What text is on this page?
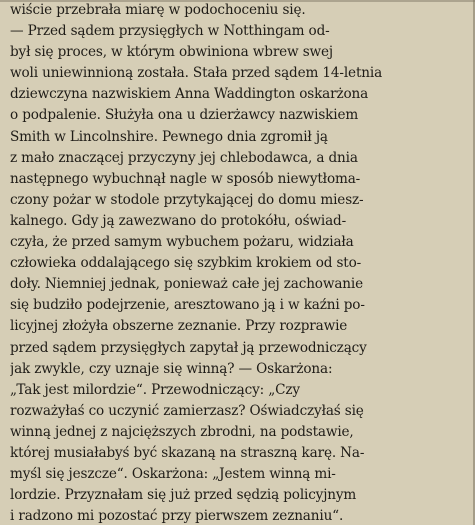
wiście przebrała miarę w podochoceniu się.
— Przed sądem przysięgłych w Notthingam od-
był się proces, w którym obwiniona wbrew swej
woli uniewinnioną została. Stała przed sądem 14-letnia
dziewczyna nazwiskiem Anna Waddington oskarżona
o podpalenie. Służyła ona u dzierżawcy nazwiskiem
Smith w Lincolnshire. Pewnego dnia zgromił ją
z mało znaczącej przyczyny jej chlebodawca, a dnia
następnego wybuchnął nagle w sposób niewytłoma-
czony pożar w stodole przytykającej do domu miesz-
kalnego. Gdy ją zawezwano do protokółu, oświad-
czyła, że przed samym wybuchem pożaru, widziała
człowieka oddalającego się szybkim krokiem od sto-
doły. Niemniej jednak, ponieważ całe jej zachowanie
się budziło podejrzenie, aresztowano ją i w kaźni po-
licyjnej złożyła obszerne zeznanie. Przy rozprawie
przed sądem przysięgłych zapytał ją przewodniczący
jak zwykle, czy uznaje się winną? — Oskarżona:
„Tak jest milordzie“. Przewodniczący: „Czy
rozważyłaś co uczynić zamierzasz? Oświadczyłaś się
winną jednej z najcięższych zbrodni, na podstawie,
której musiałabyś być skazaną na straszną karę. Na-
myśl się jeszcze“. Oskarżona: „Jestem winną mi-
lordzie. Przyznałam się już przed sędzią policyjnym
i radzono mi pozostać przy pierwszem zeznaniu“.
